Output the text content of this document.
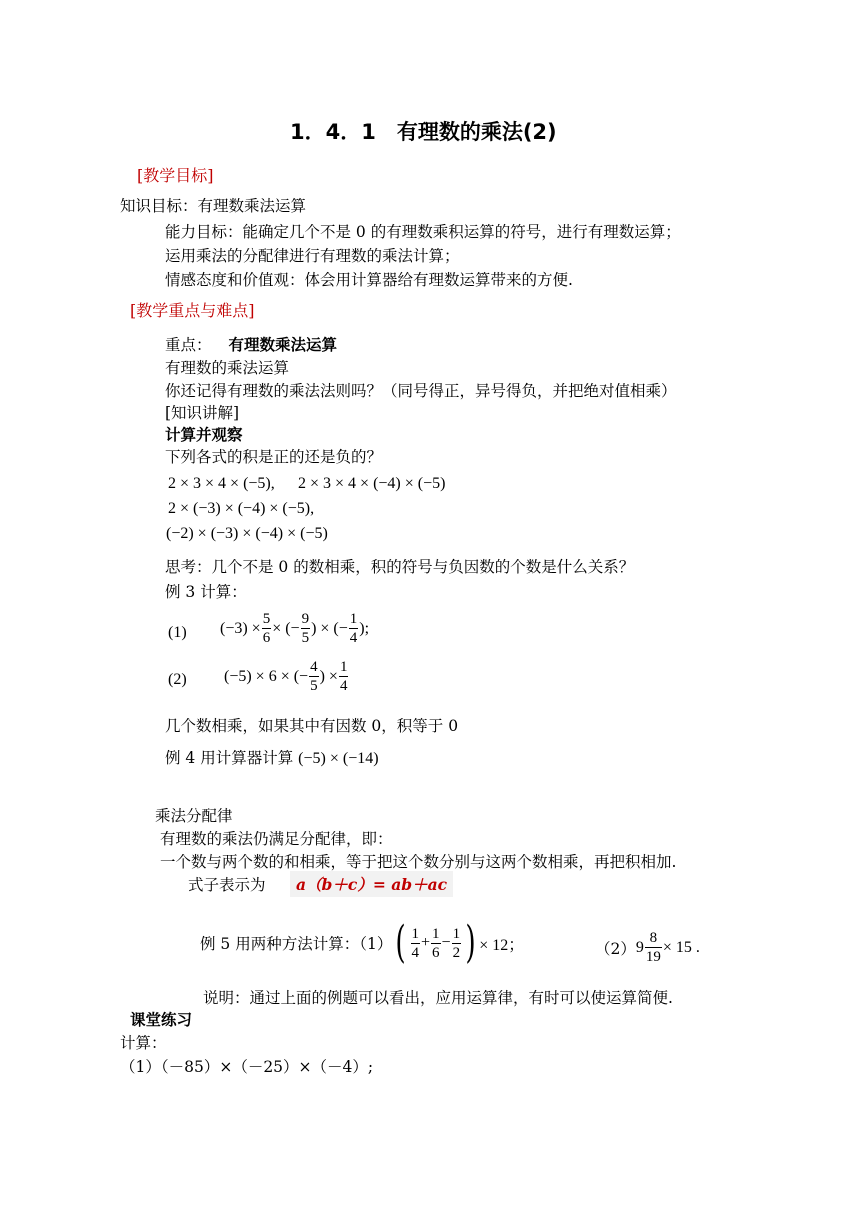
1．4．1　有理数的乘法(2)
[教学目标]
知识目标：有理数乘法运算
能力目标：能确定几个不是 0 的有理数乘积运算的符号，进行有理数运算；
运用乘法的分配律进行有理数的乘法计算；
情感态度和价值观：体会用计算器给有理数运算带来的方便.
[教学重点与难点]
重点： 有理数乘法运算
有理数的乘法运算
你还记得有理数的乘法法则吗？（同号得正，异号得负，并把绝对值相乘）
[知识讲解]
计算并观察
下列各式的积是正的还是负的？
2 × 3 × 4 × (−5), 2 × 3 × 4 × (−4) × (−5)
2 × (−3) × (−4) × (−5),
(−2) × (−3) × (−4) × (−5)
思考：几个不是 0 的数相乘，积的符号与负因数的个数是什么关系？
例 3 计算：
(1) $(-3) \times \frac{5}{6}$ × (− $\frac{9}{5}$ ) × (− $\frac{1}{4}$ );
(2) (−5) × 6 × (− $\frac{4}{5}$ ) × $\frac{1}{4}$
几个数相乘，如果其中有因数 0，积等于 0
例 4 用计算器计算 (−5) × (−14)
乘法分配律
有理数的乘法仍满足分配律，即：
一个数与两个数的和相乘，等于把这个数分别与这两个数相乘，再把积相加.
式子表示为	a（b＋c）= ab＋ac
例 5 用两种方法计算：（1） ( $\frac{1}{4} + \frac{1}{6} - \frac{1}{2}$ ) × 12；	（2） $9 \frac{8}{19} \times 15$ .
说明：通过上面的例题可以看出，应用运算律，有时可以使运算简便.
课堂练习
计算：
（1）（－85）×（－25）×（－4）;
